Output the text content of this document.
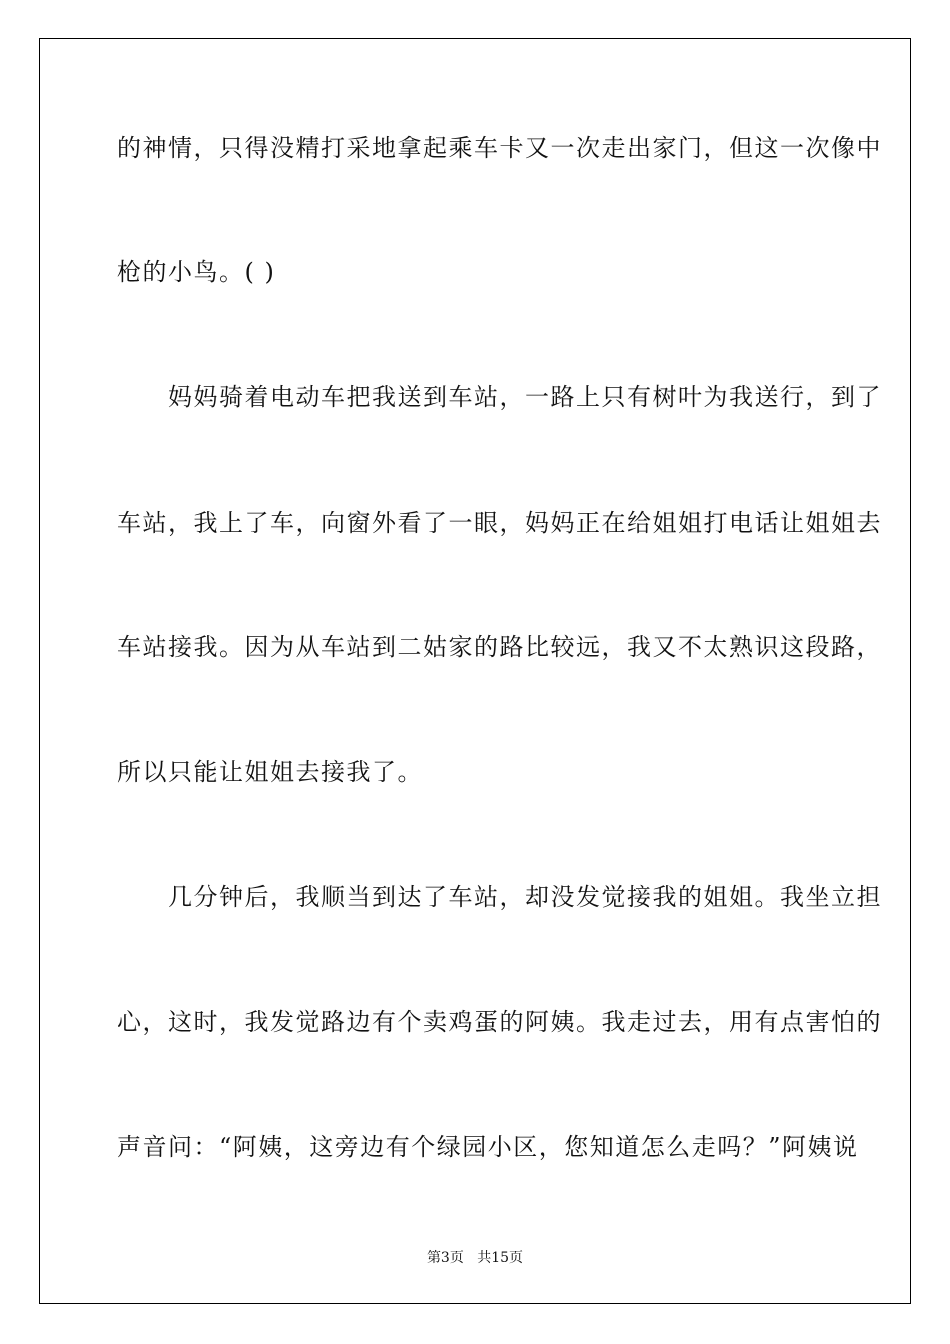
的神情，只得没精打采地拿起乘车卡又一次走出家门，但这一次像中
枪的小鸟。( )
　　妈妈骑着电动车把我送到车站，一路上只有树叶为我送行，到了
车站，我上了车，向窗外看了一眼，妈妈正在给姐姐打电话让姐姐去
车站接我。因为从车站到二姑家的路比较远，我又不太熟识这段路，
所以只能让姐姐去接我了。
　　几分钟后，我顺当到达了车站，却没发觉接我的姐姐。我坐立担
心，这时，我发觉路边有个卖鸡蛋的阿姨。我走过去，用有点害怕的
声音问：“阿姨，这旁边有个绿园小区，您知道怎么走吗？”阿姨说
第3页 共15页
